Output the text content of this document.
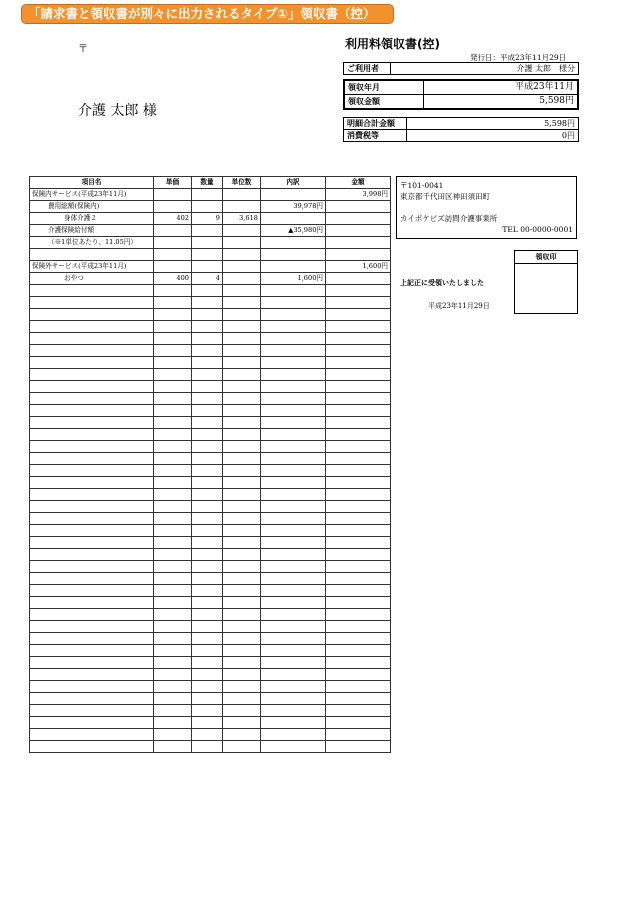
「請求書と領収書が別々に出力されるタイプ①」領収書（控）
〒
介護 太郎 様
利用料領収書(控)
発行日：平成23年11月29日
ご利用者	介護 太郎　様分
領収年月	平成23年11月
領収金額	5,598円
明細合計金額	5,598円
消費税等	0円
項目名	単価	数量	単位数	内訳	金額
保険内サービス(平成23年11月)					3,998円
費用総額(保険内)				39,978円	
身体介護２	402	9	3,618		
介護保険給付額				▲35,980円	
（※1単位あたり、11.05円）					

保険外サービス(平成23年11月)					1,600円
おやつ	400	4		1,600円	

〒101-0041
東京都千代田区神田須田町
カイポケビズ訪問介護事業所
TEL 00-0000-0001
領収印
上記正に受領いたしました
平成23年11月29日
